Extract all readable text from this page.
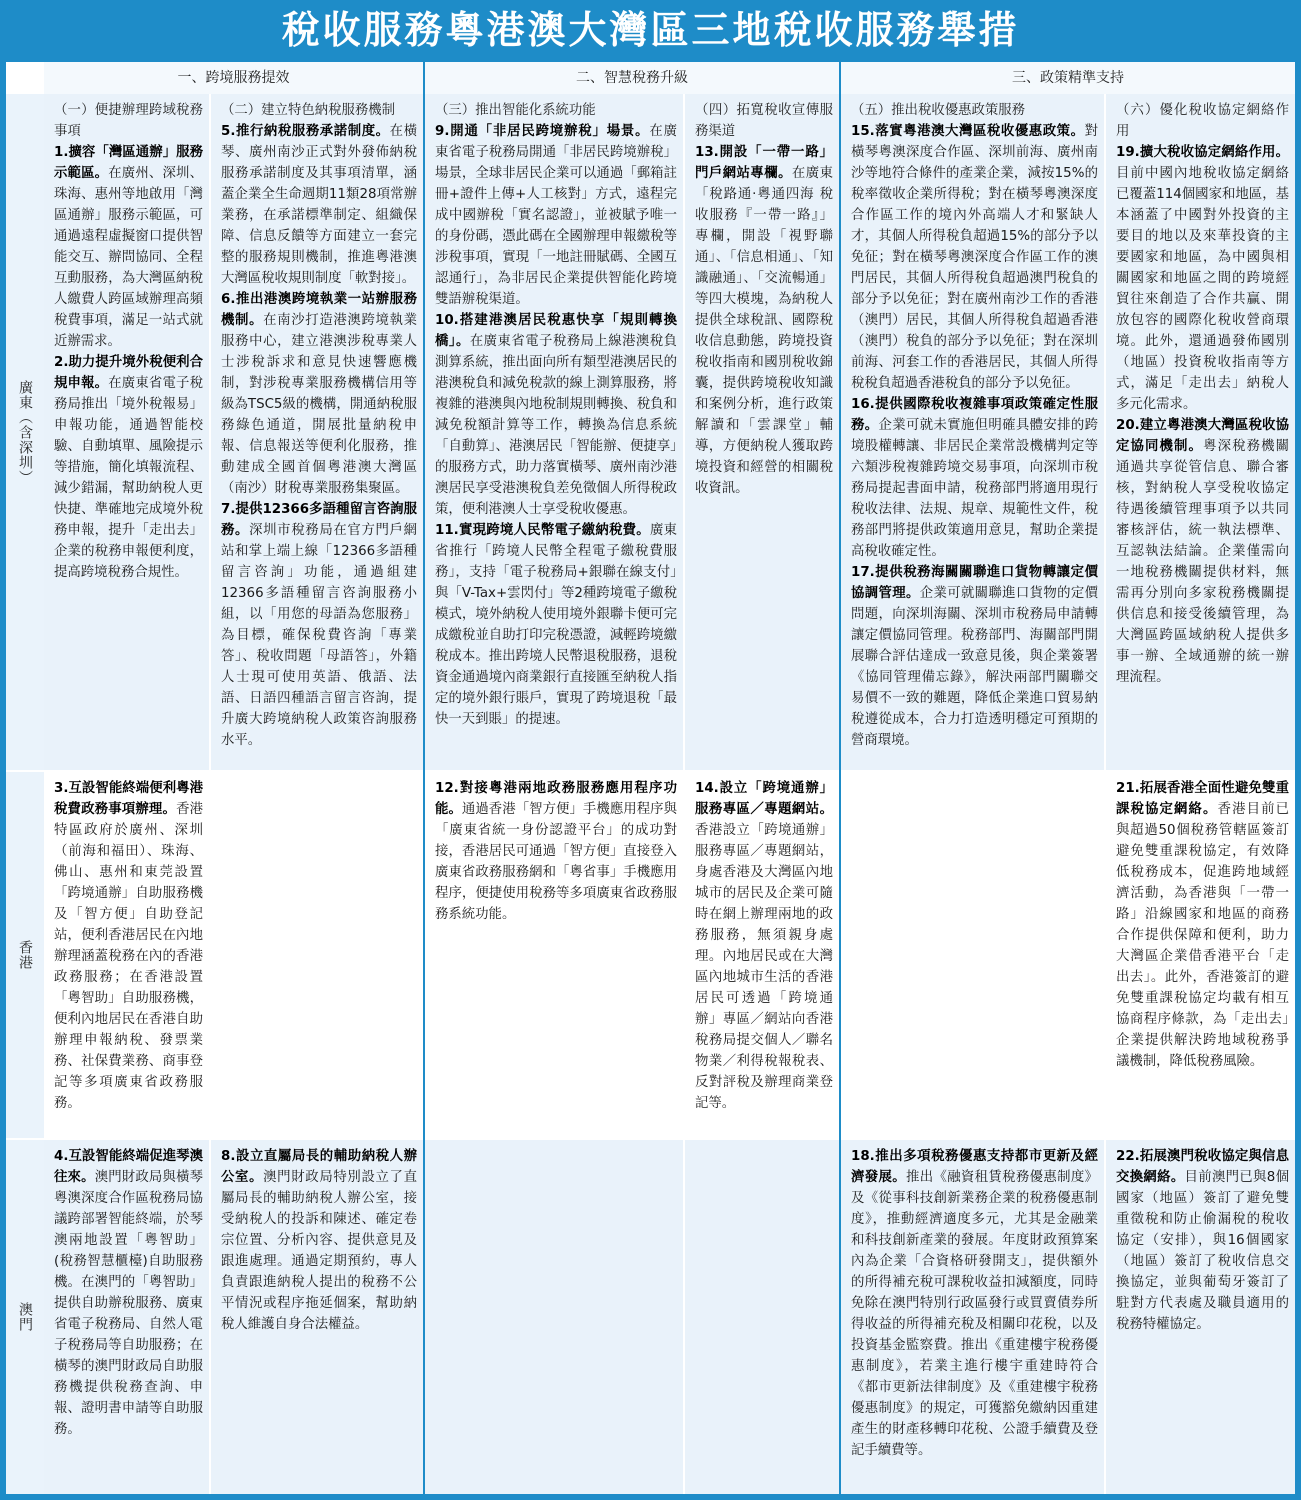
稅收服務粵港澳大灣區三地稅收服務舉措
一、跨境服務提效	二、智慧稅務升級	三、政策精準支持
廣東（含深圳）
香港
澳門

（一）便捷辦理跨域稅務事項

1.擴容「灣區通辦」服務示範區。在廣州、深圳、珠海、惠州等地啟用「灣區通辦」服務示範區，可通過遠程虛擬窗口提供智能交互、辦問協同、全程互動服務，為大灣區納稅人繳費人跨區域辦理高頻稅費事項，滿足一站式就近辦需求。

2.助力提升境外稅便利合規申報。在廣東省電子稅務局推出「境外稅報易」申報功能，通過智能校驗、自動填單、風險提示等措施，簡化填報流程、減少錯漏，幫助納稅人更快捷、準確地完成境外稅務申報，提升「走出去」企業的稅務申報便利度，提高跨境稅務合規性。

（二）建立特色納稅服務機制

5.推行納稅服務承諾制度。在橫琴、廣州南沙正式對外發佈納稅服務承諾制度及其事項清單，涵蓋企業全生命週期11類28項常辦業務，在承諾標準制定、組織保障、信息反饋等方面建立一套完整的服務規則機制，推進粵港澳大灣區稅收規則制度「軟對接」。

6.推出港澳跨境執業一站辦服務機制。在南沙打造港澳跨境執業服務中心，建立港澳涉稅專業人士涉稅訴求和意見快速響應機制，對涉稅專業服務機構信用等級為TSC5級的機構，開通納稅服務綠色通道，開展批量納稅申報、信息報送等便利化服務，推動建成全國首個粵港澳大灣區（南沙）財稅專業服務集聚區。

7.提供12366多語種留言咨詢服務。深圳市稅務局在官方門戶網站和掌上端上線「12366多語種留言咨詢」功能，通過組建12366多語種留言咨詢服務小組，以「用您的母語為您服務」為目標，確保稅費咨詢「專業答」、稅收問題「母語答」，外籍人士現可使用英語、俄語、法語、日語四種語言留言咨詢，提升廣大跨境納稅人政策咨詢服務水平。

（三）推出智能化系統功能

9.開通「非居民跨境辦稅」場景。在廣東省電子稅務局開通「非居民跨境辦稅」場景，全球非居民企業可以通過「郵箱註冊+證件上傳+人工核對」方式，遠程完成中國辦稅「實名認證」，並被賦予唯一的身份碼，憑此碼在全國辦理申報繳稅等涉稅事項，實現「一地註冊賦碼、全國互認通行」，為非居民企業提供智能化跨境雙語辦稅渠道。

10.搭建港澳居民稅惠快享「規則轉換橋」。在廣東省電子稅務局上線港澳稅負測算系統，推出面向所有類型港澳居民的港澳稅負和減免稅款的線上測算服務，將複雜的港澳與內地稅制規則轉換、稅負和減免稅額計算等工作，轉換為信息系統「自動算」、港澳居民「智能辦、便捷享」的服務方式，助力落實橫琴、廣州南沙港澳居民享受港澳稅負差免徵個人所得稅政策，便利港澳人士享受稅收優惠。

11.實現跨境人民幣電子繳納稅費。廣東省推行「跨境人民幣全程電子繳稅費服務」，支持「電子稅務局+銀聯在線支付」與「V-Tax+雲閃付」等2種跨境電子繳稅模式，境外納稅人使用境外銀聯卡便可完成繳稅並自助打印完稅憑證，減輕跨境繳稅成本。推出跨境人民幣退稅服務，退稅資金通過境內商業銀行直接匯至納稅人指定的境外銀行賬戶，實現了跨境退稅「最快一天到賬」的提速。

（四）拓寬稅收宣傳服務渠道

13.開設「一帶一路」門戶網站專欄。在廣東「稅路通·粵通四海 稅收服務『一帶一路』」專欄，開設「視野聯通」、「信息相通」、「知識融通」、「交流暢通」等四大模塊，為納稅人提供全球稅訊、國際稅收信息動態，跨境投資稅收指南和國別稅收錦囊，提供跨境稅收知識和案例分析，進行政策解讀和「雲課堂」輔導，方便納稅人獲取跨境投資和經營的相關稅收資訊。

（五）推出稅收優惠政策服務

15.落實粵港澳大灣區稅收優惠政策。對橫琴粵澳深度合作區、深圳前海、廣州南沙等地符合條件的產業企業，減按15%的稅率徵收企業所得稅；對在橫琴粵澳深度合作區工作的境內外高端人才和緊缺人才，其個人所得稅負超過15%的部分予以免征；對在橫琴粵澳深度合作區工作的澳門居民，其個人所得稅負超過澳門稅負的部分予以免征；對在廣州南沙工作的香港（澳門）居民，其個人所得稅負超過香港（澳門）稅負的部分予以免征；對在深圳前海、河套工作的香港居民，其個人所得稅稅負超過香港稅負的部分予以免征。

16.提供國際稅收複雜事項政策確定性服務。企業可就未實施但明確具體安排的跨境股權轉讓、非居民企業常設機構判定等六類涉稅複雜跨境交易事項，向深圳市稅務局提起書面申請，稅務部門將適用現行稅收法律、法規、規章、規範性文件，稅務部門將提供政策適用意見，幫助企業提高稅收確定性。

17.提供稅務海關關聯進口貨物轉讓定價協調管理。企業可就關聯進口貨物的定價問題，向深圳海關、深圳市稅務局申請轉讓定價協同管理。稅務部門、海關部門開展聯合評估達成一致意見後，與企業簽署《協同管理備忘錄》，解決兩部門關聯交易價不一致的難題，降低企業進口貿易納稅遵從成本，合力打造透明穩定可預期的營商環境。

（六）優化稅收協定網絡作用

19.擴大稅收協定網絡作用。目前中國內地稅收協定網絡已覆蓋114個國家和地區，基本涵蓋了中國對外投資的主要目的地以及來華投資的主要國家和地區，為中國與相關國家和地區之間的跨境經貿往來創造了合作共贏、開放包容的國際化稅收營商環境。此外，還通過發佈國別（地區）投資稅收指南等方式，滿足「走出去」納稅人多元化需求。

20.建立粵港澳大灣區稅收協定協同機制。粵深稅務機關通過共享從管信息、聯合審核，對納稅人享受稅收協定待遇後續管理事項予以共同審核評估，統一執法標準、互認執法結論。企業僅需向一地稅務機關提供材料，無需再分別向多家稅務機關提供信息和接受後續管理，為大灣區跨區域納稅人提供多事一辦、全域通辦的統一辦理流程。

3.互設智能終端便利粵港稅費政務事項辦理。香港特區政府於廣州、深圳（前海和福田）、珠海、佛山、惠州和東莞設置「跨境通辦」自助服務機及「智方便」自助登記站，便利香港居民在內地辦理涵蓋稅務在內的香港政務服務；在香港設置「粵智助」自助服務機，便利內地居民在香港自助辦理申報納稅、發票業務、社保費業務、商事登記等多項廣東省政務服務。

12.對接粵港兩地政務服務應用程序功能。通過香港「智方便」手機應用程序與「廣東省統一身份認證平台」的成功對接，香港居民可通過「智方便」直接登入廣東省政務服務網和「粵省事」手機應用程序，便捷使用稅務等多項廣東省政務服務系統功能。

14.設立「跨境通辦」服務專區／專題網站。香港設立「跨境通辦」服務專區／專題網站，身處香港及大灣區內地城市的居民及企業可隨時在網上辦理兩地的政務服務，無須親身處理。內地居民或在大灣區內地城市生活的香港居民可透過「跨境通辦」專區／網站向香港稅務局提交個人／聯名物業／利得稅報稅表、反對評稅及辦理商業登記等。

21.拓展香港全面性避免雙重課稅協定網絡。香港目前已與超過50個稅務管轄區簽訂避免雙重課稅協定，有效降低稅務成本，促進跨地域經濟活動，為香港與「一帶一路」沿線國家和地區的商務合作提供保障和便利，助力大灣區企業借香港平台「走出去」。此外，香港簽訂的避免雙重課稅協定均載有相互協商程序條款，為「走出去」企業提供解決跨地域稅務爭議機制，降低稅務風險。

4.互設智能終端促進琴澳往來。澳門財政局與橫琴粵澳深度合作區稅務局協議跨部署智能終端，於琴澳兩地設置「粵智助」(稅務智慧櫃檯)自助服務機。在澳門的「粵智助」提供自助辦稅服務、廣東省電子稅務局、自然人電子稅務局等自助服務；在橫琴的澳門財政局自助服務機提供稅務查詢、申報、證明書申請等自助服務。

8.設立直屬局長的輔助納稅人辦公室。澳門財政局特別設立了直屬局長的輔助納稅人辦公室，接受納稅人的投訴和陳述、確定卷宗位置、分析內容、提供意見及跟進處理。通過定期預約，專人負責跟進納稅人提出的稅務不公平情況或程序拖延個案，幫助納稅人維護自身合法權益。

18.推出多項稅務優惠支持都市更新及經濟發展。推出《融資租賃稅務優惠制度》及《從事科技創新業務企業的稅務優惠制度》，推動經濟適度多元，尤其是金融業和科技創新產業的發展。年度財政預算案內為企業「合資格研發開支」，提供額外的所得補充稅可課稅收益扣減額度，同時免除在澳門特別行政區發行或買賣債券所得收益的所得補充稅及相關印花稅，以及投資基金監察費。推出《重建樓宇稅務優惠制度》，若業主進行樓宇重建時符合《都市更新法律制度》及《重建樓宇稅務優惠制度》的規定，可獲豁免繳納因重建產生的財產移轉印花稅、公證手續費及登記手續費等。

22.拓展澳門稅收協定與信息交換網絡。目前澳門已與8個國家（地區）簽訂了避免雙重徵稅和防止偷漏稅的稅收協定（安排），與16個國家（地區）簽訂了稅收信息交換協定，並與葡萄牙簽訂了駐對方代表處及職員適用的稅務特權協定。
